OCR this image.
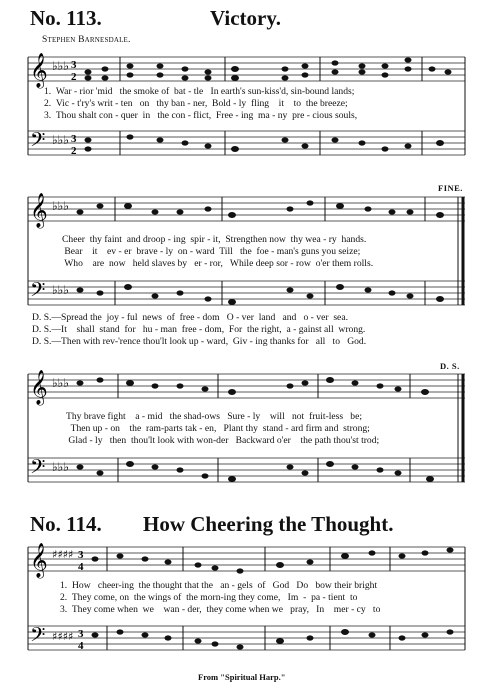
No. 113.	Victory.
Stephen Barnesdale.
𝄞
𝄢
♭♭♭
♭♭♭
3
2
3
2
1.  War - rior 'mid   the smoke of  bat - tle   In earth's sun-kiss'd, sin-bound lands;
2.  Vic - t'ry's writ - ten   on   thy ban - ner,  Bold - ly  fling    it    to  the breeze;
3.  Thou shalt con - quer  in   the con - flict,  Free - ing  ma - ny  pre - cious souls,
𝄞
𝄢
♭♭♭
♭♭♭
FINE.
Cheer  thy faint  and droop - ing  spir - it,  Strengthen now  thy wea - ry  hands.
Bear    it    ev - er  brave - ly  on - ward  Till   the  foe - man's guns you seize;
Who    are  now   held slaves by   er - ror,   While deep sor - row  o'er them rolls.
D. S.—Spread the  joy - ful  news  of  free - dom   O - ver  land   and   o - ver  sea.
D. S.—It    shall  stand  for   hu - man  free - dom,  For  the right,  a - gainst all  wrong.
D. S.—Then with rev-'rence thou'lt look up - ward,  Giv - ing thanks for   all   to   God.
𝄞
𝄢
♭♭♭
♭♭♭
D. S.
Thy brave fight    a - mid   the shad-ows   Sure - ly    will   not  fruit-less   be;
Then up - on    the  ram-parts tak - en,   Plant thy  stand - ard firm and  strong;
Glad - ly   then  thou'lt look with won-der   Backward o'er    the path thou'st trod;
No. 114. How Cheering the Thought.
𝄞
𝄢
♯♯♯♯
♯♯♯♯
3
4
3
4
1.  How   cheer-ing  the thought that the   an - gels  of   God   Do   bow their bright
2.  They come, on  the wings of  the morn-ing they come,   Im  -  pa - tient  to
3.  They come when  we    wan - der,  they come when we   pray,   In    mer - cy   to
From "Spiritual Harp."
